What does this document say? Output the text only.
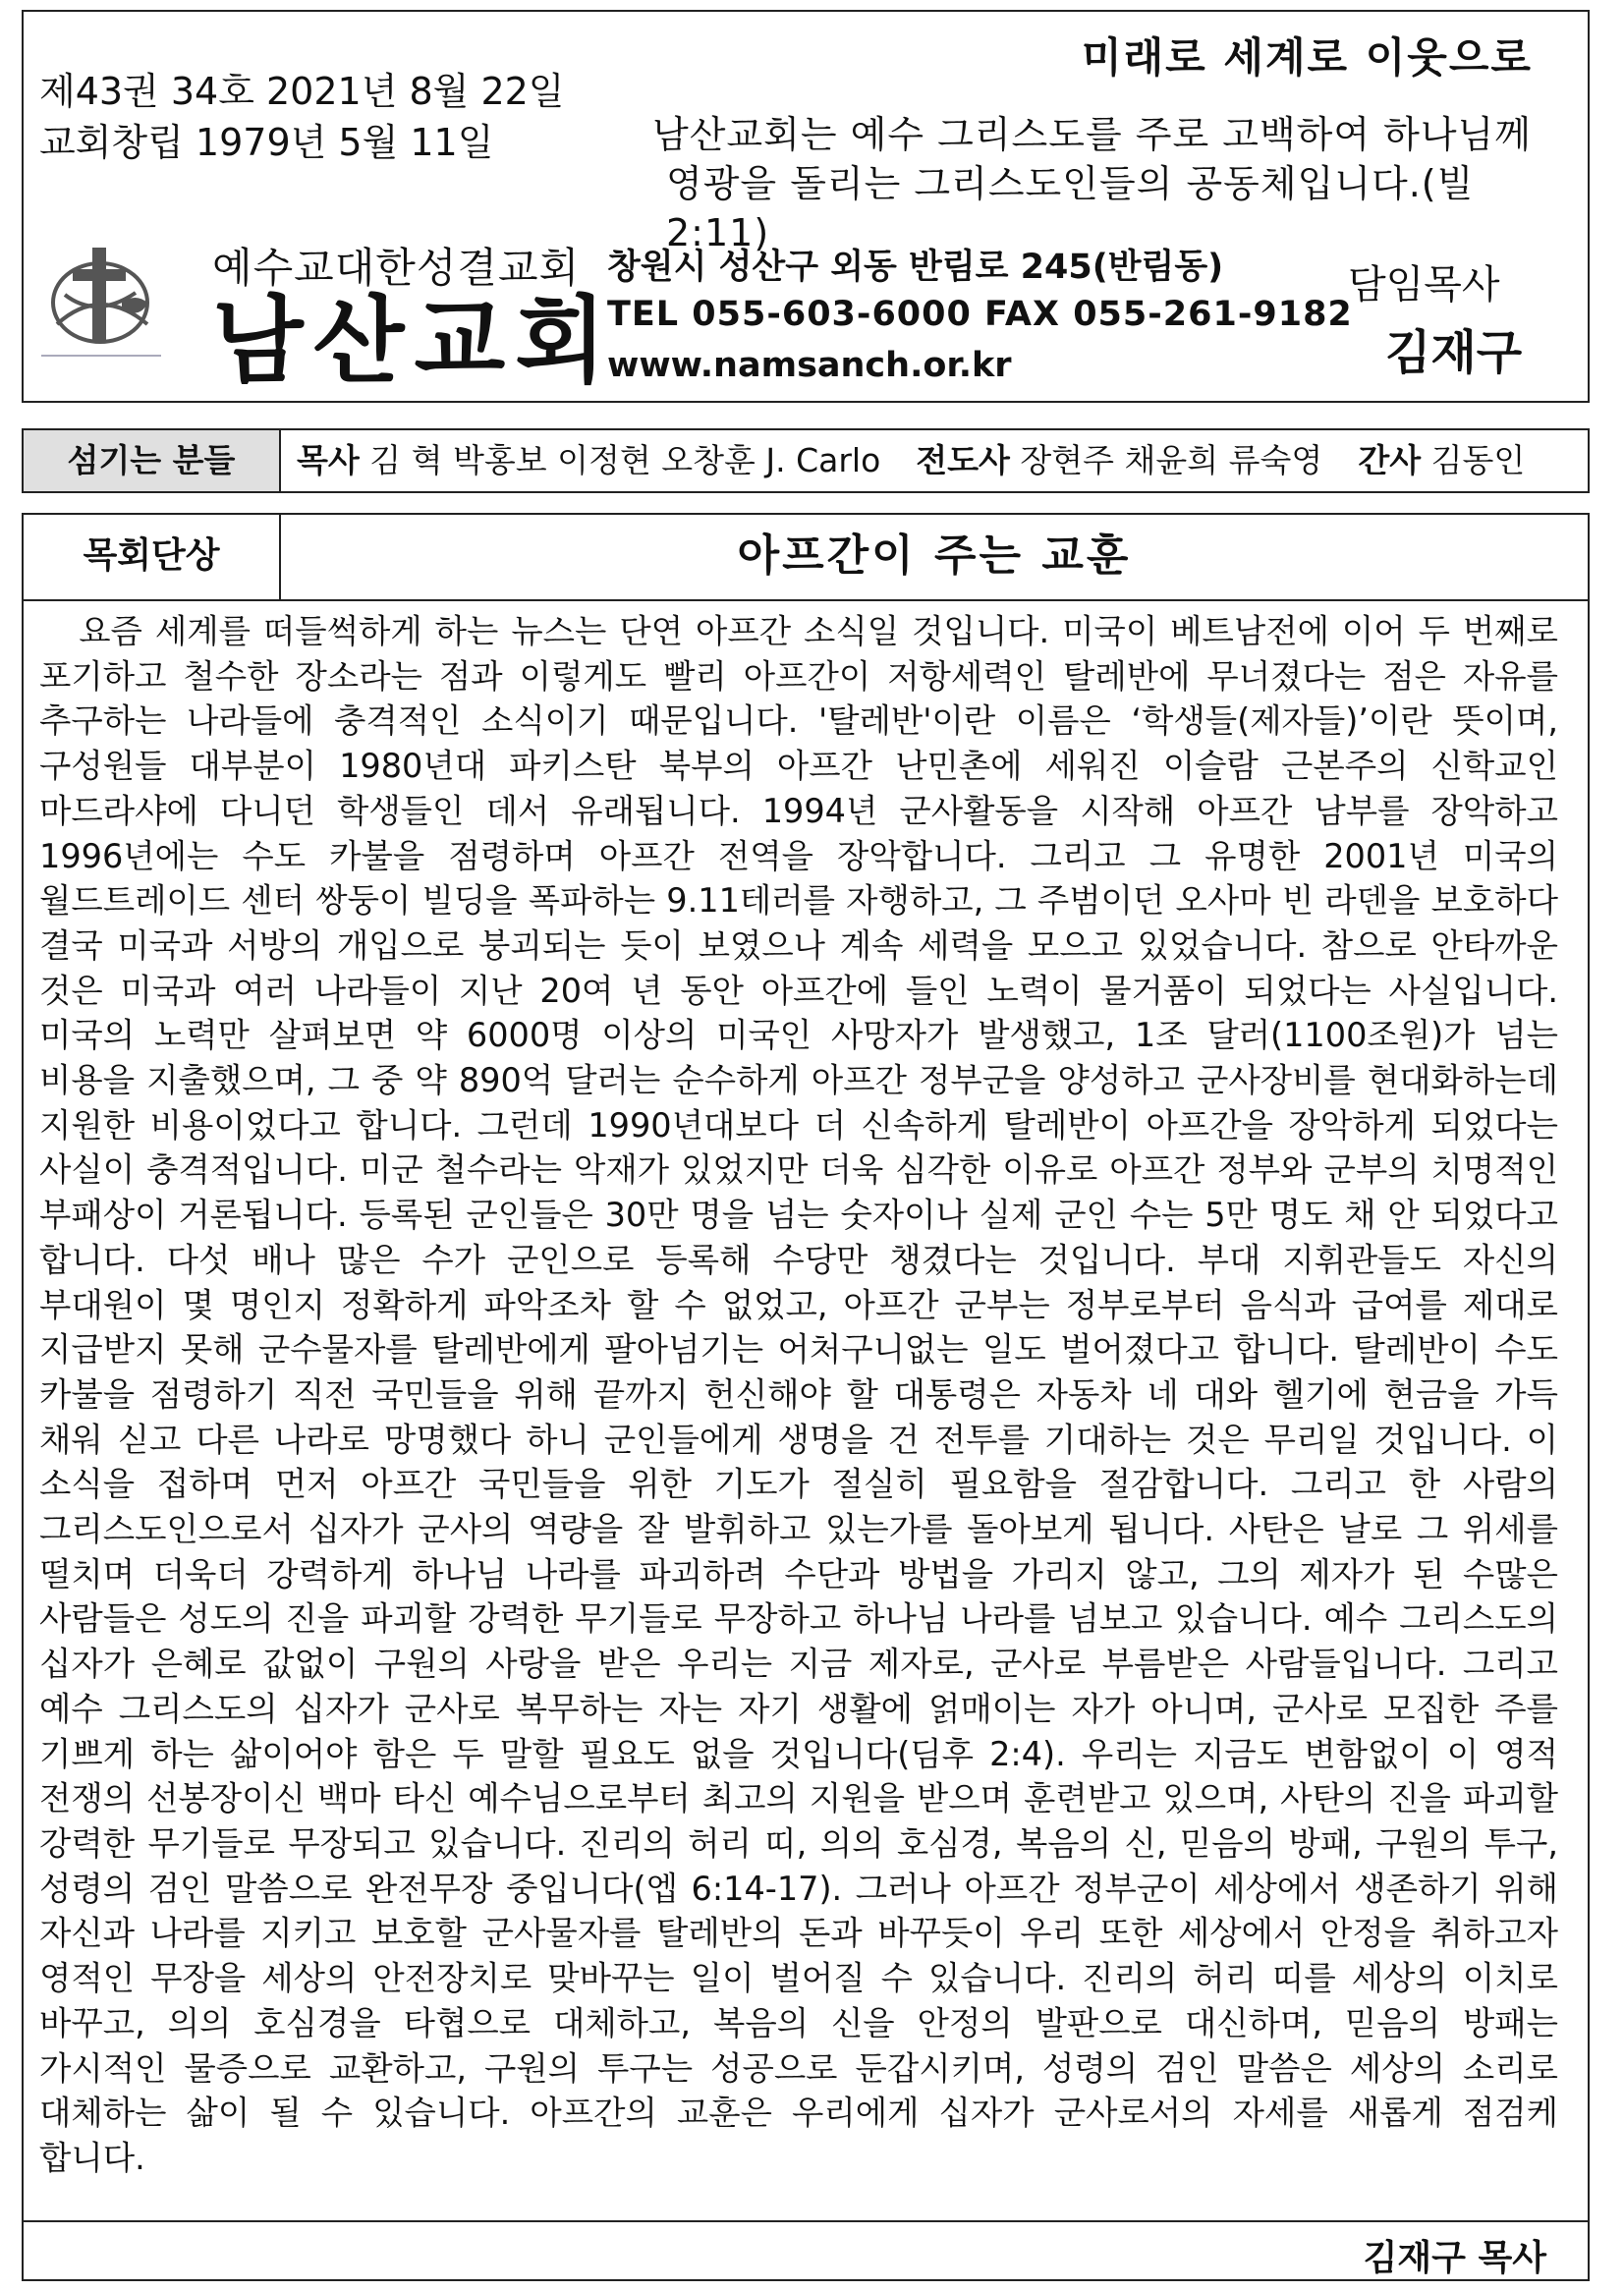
미래로 세계로 이웃으로
제43권 34호 2021년 8월 22일
교회창립 1979년 5월 11일	남산교회는 예수 그리스도를 주로 고백하여 하나님께
영광을 돌리는 그리스도인들의 공동체입니다.(빌2:11)
예수교대한성결교회
남산교회
창원시 성산구 외동 반림로 245(반림동)
TEL 055-603-6000 FAX 055-261-9182
www.namsanch.or.kr
담임목사
김재구
섬기는 분들	목사 김 혁 박홍보 이정현 오창훈 J. Carlo 전도사 장현주 채윤희 류숙영 간사 김동인
목회단상	아프간이 주는 교훈

요즘 세계를 떠들썩하게 하는 뉴스는 단연 아프간 소식일 것입니다. 미국이 베트남전에 이어 두 번째로 포기하고 철수한 장소라는 점과 이렇게도 빨리 아프간이 저항세력인 탈레반에 무너졌다는 점은 자유를 추구하는 나라들에 충격적인 소식이기 때문입니다. '탈레반'이란 이름은 ‘학생들(제자들)’이란 뜻이며, 구성원들 대부분이 1980년대 파키스탄 북부의 아프간 난민촌에 세워진 이슬람 근본주의 신학교인 마드라샤에 다니던 학생들인 데서 유래됩니다. 1994년 군사활동을 시작해 아프간 남부를 장악하고 1996년에는 수도 카불을 점령하며 아프간 전역을 장악합니다. 그리고 그 유명한 2001년 미국의 월드트레이드 센터 쌍둥이 빌딩을 폭파하는 9.11테러를 자행하고, 그 주범이던 오사마 빈 라덴을 보호하다 결국 미국과 서방의 개입으로 붕괴되는 듯이 보였으나 계속 세력을 모으고 있었습니다. 참으로 안타까운 것은 미국과 여러 나라들이 지난 20여 년 동안 아프간에 들인 노력이 물거품이 되었다는 사실입니다. 미국의 노력만 살펴보면 약 6000명 이상의 미국인 사망자가 발생했고, 1조 달러(1100조원)가 넘는 비용을 지출했으며, 그 중 약 890억 달러는 순수하게 아프간 정부군을 양성하고 군사장비를 현대화하는데 지원한 비용이었다고 합니다. 그런데 1990년대보다 더 신속하게 탈레반이 아프간을 장악하게 되었다는 사실이 충격적입니다. 미군 철수라는 악재가 있었지만 더욱 심각한 이유로 아프간 정부와 군부의 치명적인 부패상이 거론됩니다. 등록된 군인들은 30만 명을 넘는 숫자이나 실제 군인 수는 5만 명도 채 안 되었다고 합니다. 다섯 배나 많은 수가 군인으로 등록해 수당만 챙겼다는 것입니다. 부대 지휘관들도 자신의 부대원이 몇 명인지 정확하게 파악조차 할 수 없었고, 아프간 군부는 정부로부터 음식과 급여를 제대로 지급받지 못해 군수물자를 탈레반에게 팔아넘기는 어처구니없는 일도 벌어졌다고 합니다. 탈레반이 수도 카불을 점령하기 직전 국민들을 위해 끝까지 헌신해야 할 대통령은 자동차 네 대와 헬기에 현금을 가득 채워 싣고 다른 나라로 망명했다 하니 군인들에게 생명을 건 전투를 기대하는 것은 무리일 것입니다. 이 소식을 접하며 먼저 아프간 국민들을 위한 기도가 절실히 필요함을 절감합니다. 그리고 한 사람의 그리스도인으로서 십자가 군사의 역량을 잘 발휘하고 있는가를 돌아보게 됩니다. 사탄은 날로 그 위세를 떨치며 더욱더 강력하게 하나님 나라를 파괴하려 수단과 방법을 가리지 않고, 그의 제자가 된 수많은 사람들은 성도의 진을 파괴할 강력한 무기들로 무장하고 하나님 나라를 넘보고 있습니다. 예수 그리스도의 십자가 은혜로 값없이 구원의 사랑을 받은 우리는 지금 제자로, 군사로 부름받은 사람들입니다. 그리고 예수 그리스도의 십자가 군사로 복무하는 자는 자기 생활에 얽매이는 자가 아니며, 군사로 모집한 주를 기쁘게 하는 삶이어야 함은 두 말할 필요도 없을 것입니다(딤후 2:4). 우리는 지금도 변함없이 이 영적 전쟁의 선봉장이신 백마 타신 예수님으로부터 최고의 지원을 받으며 훈련받고 있으며, 사탄의 진을 파괴할 강력한 무기들로 무장되고 있습니다. 진리의 허리 띠, 의의 호심경, 복음의 신, 믿음의 방패, 구원의 투구, 성령의 검인 말씀으로 완전무장 중입니다(엡 6:14-17). 그러나 아프간 정부군이 세상에서 생존하기 위해 자신과 나라를 지키고 보호할 군사물자를 탈레반의 돈과 바꾸듯이 우리 또한 세상에서 안정을 취하고자 영적인 무장을 세상의 안전장치로 맞바꾸는 일이 벌어질 수 있습니다. 진리의 허리 띠를 세상의 이치로 바꾸고, 의의 호심경을 타협으로 대체하고, 복음의 신을 안정의 발판으로 대신하며, 믿음의 방패는 가시적인 물증으로 교환하고, 구원의 투구는 성공으로 둔갑시키며, 성령의 검인 말씀은 세상의 소리로 대체하는 삶이 될 수 있습니다. 아프간의 교훈은 우리에게 십자가 군사로서의 자세를 새롭게 점검케 합니다.

김재구 목사
